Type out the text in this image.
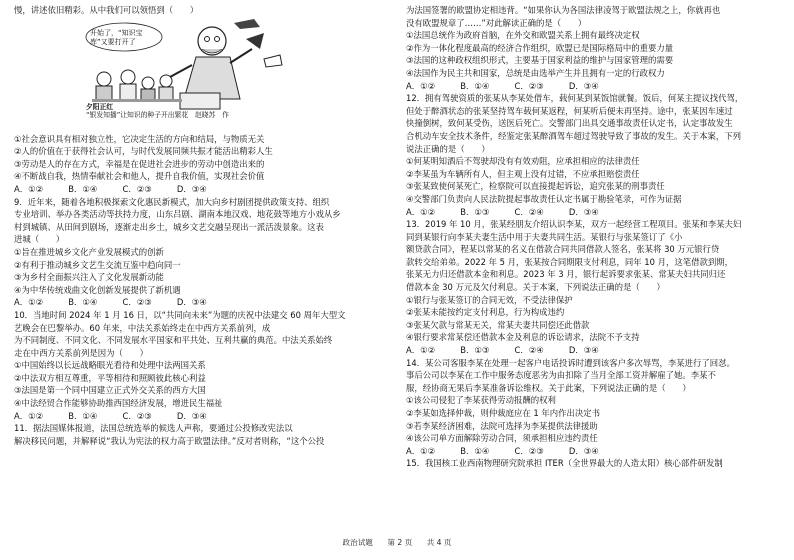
慢，讲述依旧精彩。从中我们可以领悟到（　　）
开始了，“知识宝库”又要打开了
夕阳正红
“银发知播”让知识的种子开出繁花　赵晓苏　作
①社会意识具有相对独立性，它决定生活的方向和结局，与物质无关
②人的价值在于获得社会认可，与时代发展同频共振才能活出精彩人生
③劳动是人的存在方式，幸福是在促进社会进步的劳动中创造出来的
④不断战自我，热情奉献社会和他人，提升自我价值，实现社会价值
A．①②　　　B．①④　　　C．②③　　　D．③④
9．近年来，随着各地积极探索文化惠民新模式，加大向乡村剧团提供政策支持、组织
专业培训、举办各类活动等扶持力度，山东吕剧、湖南本地汉戏、地花鼓等地方小戏从乡
村到城镇、从田间到剧场，逐渐走出乡土，城乡文艺交融呈现出一派活泼景象。这表
进城（　　）
①旨在推进城乡文化产业发展模式的创新
②有利于推动城乡文艺生交流互鉴中趋向同一
③为乡村全面振兴注入了文化发展新动能
④为中华传统戏曲文化创新发展提供了新机遇
A．①②　　　B．①④　　　C．②③　　　D．③④
10．当地时间 2024 年 1 月 16 日，以“共同向未来”为题的庆祝中法建交 60 周年大型文
艺晚会在巴黎举办。60 年来，中法关系始终走在中西方关系前列，成
为不同制度、不同文化、不同发展水平国家和平共处、互利共赢的典范。中法关系始终
走在中西方关系前列是因为（　　）
①中国始终以长远战略眼光看待和处理中法两国关系
②中法双方相互尊重，平等相待和照顾彼此核心利益
③法国是第一个同中国建立正式外交关系的西方大国
④中法经贸合作能够协助推西国经济发展，增进民生福祉
A．①②　　　B．①④　　　C．②③　　　D．③④
11．据法国媒体报道，法国总统选举的候选人声称，要通过公投修改宪法以
解决移民问题，并解释说“我认为宪法的权力高于欧盟法律。”反对者则称，“这个公投
为法国签署的欧盟协定相违背。“如果你认为各国法律凌驾于欧盟法规之上，你就再也
没有欧盟规章了……”对此解读正确的是（　　）
①法国总统作为政府首脑，在外交和欧盟关系上拥有最终决定权
②作为一体化程度最高的经济合作组织，欧盟已是国际格局中的重要力量
③法国的这种政权组织形式，主要基于国家利益的维护与国家管理的需要
④法国作为民主共和国家，总统是由选举产生并且拥有一定的行政权力
A．①②　　　B．①④　　　C．②③　　　D．③④
12．拥有驾驶资质的张某从李某处借车，载何某到某饭馆就餐。饭后，何某主提议找代驾，
但处于醉酒状态的张某坚持驾车载何某返程，何某听后便未再坚持。途中，张某因车速过
快撞倒树，致何某受伤，送医后死亡。交警部门出具交通事故责任认定书，认定事故发生
合机动车安全技术条件，经鉴定张某醉酒驾车超过驾驶导致了事故的发生。关于本案，下列
说法正确的是（　　）
①何某明知酒后不驾驶却没有有效劝阻，应承担相应的法律责任
②李某虽为车辆所有人，但主观上没有过错，不应承担赔偿责任
③张某致使何某死亡，检察院可以直接提起诉讼，追究张某的刑事责任
④交警部门负责向人民法院提起事故责任认定书属于勘验笔录，可作为证据
A．①②　　　B．①③　　　C．②④　　　D．③④
13．2019 年 10 月，张某经朋友介绍认识李某，双方一起经营工程项目。张某和李某夫妇
同到某银行向李某夫妻生活中用于夫妻共同生活。某银行与张某签订了《小
额贷款合同》，程某以常某的名义在借款合同共同借款人签名，张某将 30 万元银行贷
款转交给弟弟。2022 年 5 月，张某按合同期限支付利息，同年 10 月，这笔借款到期，
张某无力归还借款本金和利息。2023 年 3 月，银行起诉要求张某、常某夫妇共同归还
借款本金 30 万元及欠付利息。关于本案，下列说法正确的是（　　）
①银行与张某签订的合同无效，不受法律保护
②张某未能按约定支付利息，行为构成违约
③张某欠款与常某无关，常某夫妻共同偿还此借款
④银行要求常某偿还借款本金及利息的诉讼请求，法院不予支持
A．①②　　　B．①③　　　C．②④　　　D．③④
14．某公司客服李某在处理一起客户电话投诉时遭到该客户多次辱骂，李某进行了回怼。
事后公司以李某在工作中服务态度恶劣为由扣除了当月全部工资并解雇了她。李某不
服，经协商无果后李某准备诉讼维权。关于此案，下列说法正确的是（　　）
①该公司侵犯了李某获得劳动报酬的权利
②李某如选择仲裁，则仲裁庭应在 1 年内作出决定书
③若李某经济困难，法院可选择为李某提供法律援助
④该公司单方面解除劳动合同，须承担相应违约责任
A．①②　　　B．①④　　　C．②③　　　D．③④
15．我国核工业西南物理研究院承担 ITER（全世界最大的人造太阳）核心部件研发制
政治试题 第 2 页 共 4 页
